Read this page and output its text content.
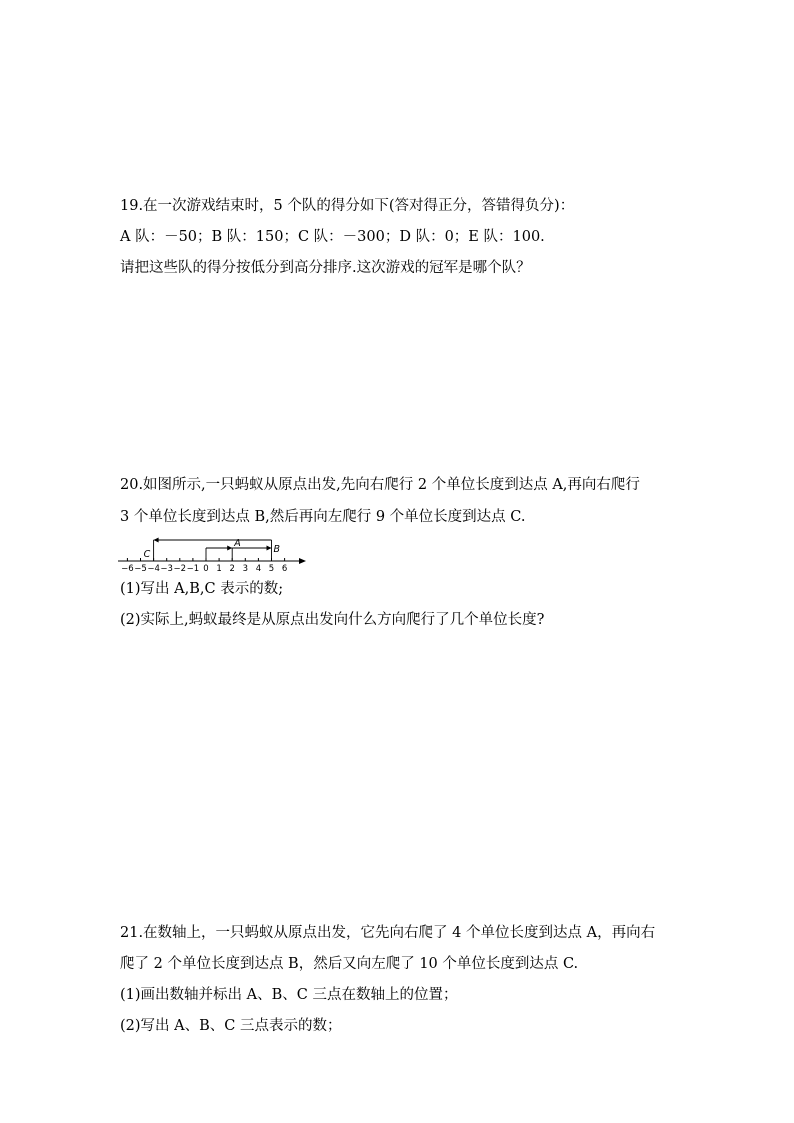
19.在一次游戏结束时，5 个队的得分如下(答对得正分，答错得负分)：

A 队：－50；B 队：150；C 队：－300；D 队：0；E 队：100.

请把这些队的得分按低分到高分排序.这次游戏的冠军是哪个队？

20.如图所示,一只蚂蚁从原点出发,先向右爬行 2 个单位长度到达点 A,再向右爬行

3 个单位长度到达点 B,然后再向左爬行 9 个单位长度到达点 C.

−6 −5 −4 −3 −2 −1 0 1 2 3 4 5 6
C
A
B

(1)写出 A,B,C 表示的数;

(2)实际上,蚂蚁最终是从原点出发向什么方向爬行了几个单位长度?

21.在数轴上，一只蚂蚁从原点出发，它先向右爬了 4 个单位长度到达点 A，再向右

爬了 2 个单位长度到达点 B，然后又向左爬了 10 个单位长度到达点 C.

(1)画出数轴并标出 A、B、C 三点在数轴上的位置；

(2)写出 A、B、C 三点表示的数；
